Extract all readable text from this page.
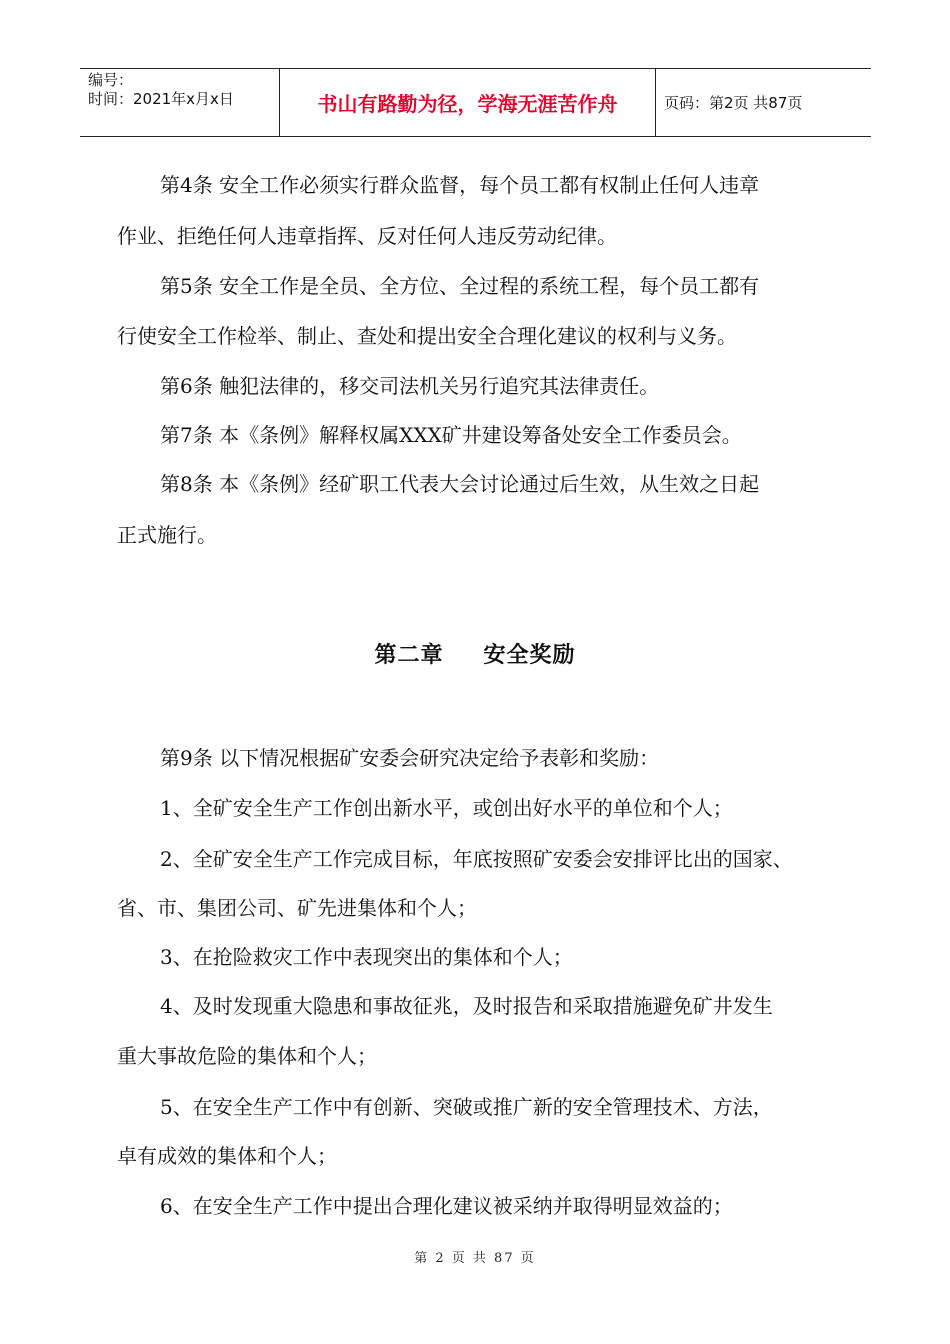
编号：
时间：2021年x月x日	书山有路勤为径，学海无涯苦作舟	页码：第2页 共87页
第4条 安全工作必须实行群众监督，每个员工都有权制止任何人违章
作业、拒绝任何人违章指挥、反对任何人违反劳动纪律。
第5条 安全工作是全员、全方位、全过程的系统工程，每个员工都有
行使安全工作检举、制止、查处和提出安全合理化建议的权利与义务。
第6条 触犯法律的，移交司法机关另行追究其法律责任。
第7条 本《条例》解释权属XXX矿井建设筹备处安全工作委员会。
第8条 本《条例》经矿职工代表大会讨论通过后生效，从生效之日起
正式施行。
第二章 安全奖励
第9条 以下情况根据矿安委会研究决定给予表彰和奖励：
1、全矿安全生产工作创出新水平，或创出好水平的单位和个人；
2、全矿安全生产工作完成目标，年底按照矿安委会安排评比出的国家、
省、市、集团公司、矿先进集体和个人；
3、在抢险救灾工作中表现突出的集体和个人；
4、及时发现重大隐患和事故征兆，及时报告和采取措施避免矿井发生
重大事故危险的集体和个人；
5、在安全生产工作中有创新、突破或推广新的安全管理技术、方法，
卓有成效的集体和个人；
6、在安全生产工作中提出合理化建议被采纳并取得明显效益的；
第 2 页 共 87 页
